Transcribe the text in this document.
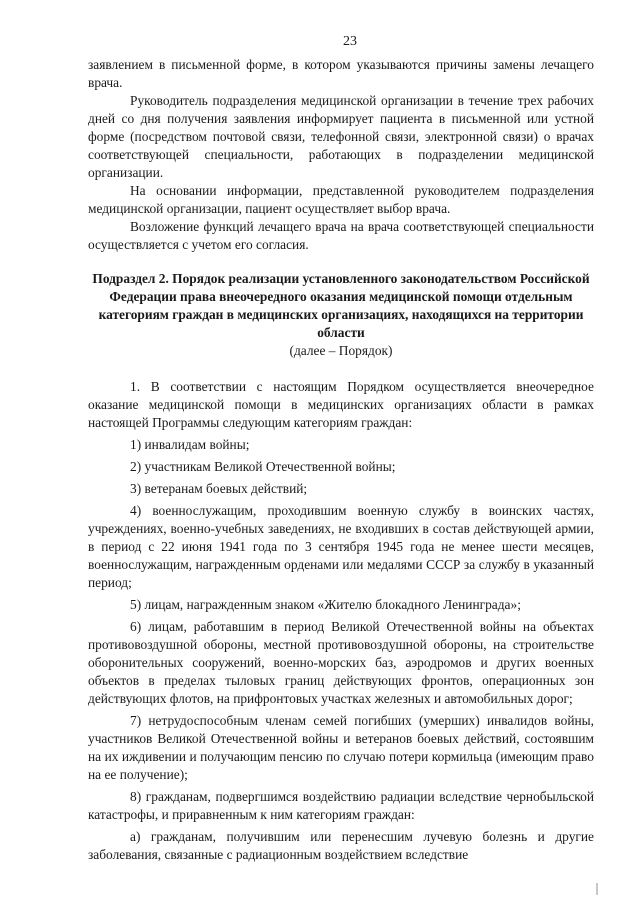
23

заявлением в письменной форме, в котором указываются причины замены лечащего врача.

Руководитель подразделения медицинской организации в течение трех рабочих дней со дня получения заявления информирует пациента в письменной или устной форме (посредством почтовой связи, телефонной связи, электронной связи) о врачах соответствующей специальности, работающих в подразделении медицинской организации.

На основании информации, представленной руководителем подразделения медицинской организации, пациент осуществляет выбор врача.

Возложение функций лечащего врача на врача соответствующей специальности осуществляется с учетом его согласия.

Подраздел 2. Порядок реализации установленного законодательством Российской Федерации права внеочередного оказания медицинской помощи отдельным категориям граждан в медицинских организациях, находящихся на территории области
(далее – Порядок)

1. В соответствии с настоящим Порядком осуществляется внеочередное оказание медицинской помощи в медицинских организациях области в рамках настоящей Программы следующим категориям граждан:

1) инвалидам войны;

2) участникам Великой Отечественной войны;

3) ветеранам боевых действий;

4) военнослужащим, проходившим военную службу в воинских частях, учреждениях, военно-учебных заведениях, не входивших в состав действующей армии, в период с 22 июня 1941 года по 3 сентября 1945 года не менее шести месяцев, военнослужащим, награжденным орденами или медалями СССР за службу в указанный период;

5) лицам, награжденным знаком «Жителю блокадного Ленинграда»;

6) лицам, работавшим в период Великой Отечественной войны на объектах противовоздушной обороны, местной противовоздушной обороны, на строительстве оборонительных сооружений, военно-морских баз, аэродромов и других военных объектов в пределах тыловых границ действующих фронтов, операционных зон действующих флотов, на прифронтовых участках железных и автомобильных дорог;

7) нетрудоспособным членам семей погибших (умерших) инвалидов войны, участников Великой Отечественной войны и ветеранов боевых действий, состоявшим на их иждивении и получающим пенсию по случаю потери кормильца (имеющим право на ее получение);

8) гражданам, подвергшимся воздействию радиации вследствие чернобыльской катастрофы, и приравненным к ним категориям граждан:

а) гражданам, получившим или перенесшим лучевую болезнь и другие заболевания, связанные с радиационным воздействием вследствие
